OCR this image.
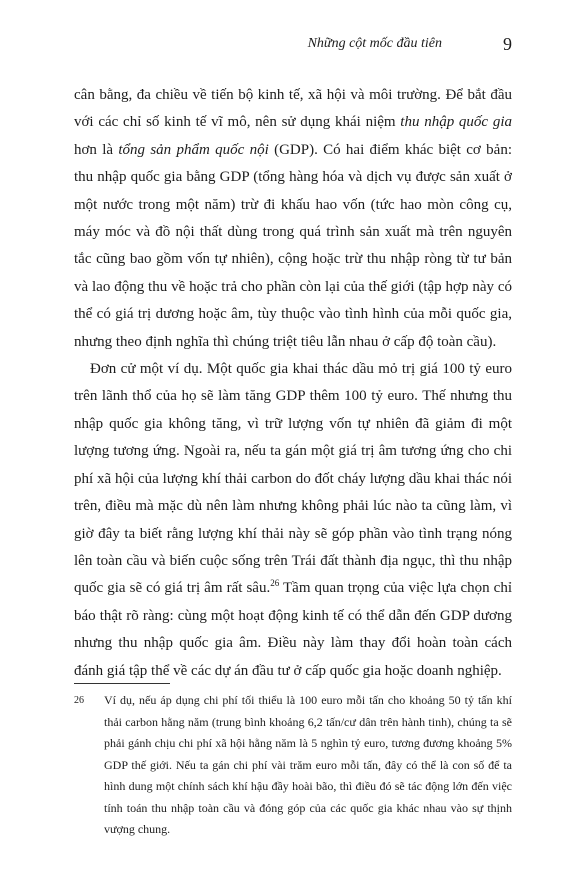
Những cột mốc đầu tiên	9

cân bằng, đa chiều về tiến bộ kinh tế, xã hội và môi trường. Để bắt đầu với các chỉ số kinh tế vĩ mô, nên sử dụng khái niệm thu nhập quốc gia hơn là tổng sản phẩm quốc nội (GDP). Có hai điểm khác biệt cơ bản: thu nhập quốc gia bằng GDP (tổng hàng hóa và dịch vụ được sản xuất ở một nước trong một năm) trừ đi khấu hao vốn (tức hao mòn công cụ, máy móc và đồ nội thất dùng trong quá trình sản xuất mà trên nguyên tắc cũng bao gồm vốn tự nhiên), cộng hoặc trừ thu nhập ròng từ tư bản và lao động thu về hoặc trả cho phần còn lại của thế giới (tập hợp này có thể có giá trị dương hoặc âm, tùy thuộc vào tình hình của mỗi quốc gia, nhưng theo định nghĩa thì chúng triệt tiêu lẫn nhau ở cấp độ toàn cầu).

Đơn cử một ví dụ. Một quốc gia khai thác dầu mỏ trị giá 100 tỷ euro trên lãnh thổ của họ sẽ làm tăng GDP thêm 100 tỷ euro. Thế nhưng thu nhập quốc gia không tăng, vì trữ lượng vốn tự nhiên đã giảm đi một lượng tương ứng. Ngoài ra, nếu ta gán một giá trị âm tương ứng cho chi phí xã hội của lượng khí thải carbon do đốt cháy lượng dầu khai thác nói trên, điều mà mặc dù nên làm nhưng không phải lúc nào ta cũng làm, vì giờ đây ta biết rằng lượng khí thải này sẽ góp phần vào tình trạng nóng lên toàn cầu và biến cuộc sống trên Trái đất thành địa ngục, thì thu nhập quốc gia sẽ có giá trị âm rất sâu.$^{26}$ Tầm quan trọng của việc lựa chọn chỉ báo thật rõ ràng: cùng một hoạt động kinh tế có thể dẫn đến GDP dương nhưng thu nhập quốc gia âm. Điều này làm thay đổi hoàn toàn cách đánh giá tập thể về các dự án đầu tư ở cấp quốc gia hoặc doanh nghiệp.

26 Ví dụ, nếu áp dụng chi phí tối thiểu là 100 euro mỗi tấn cho khoảng 50 tỷ tấn khí thải carbon hằng năm (trung bình khoảng 6,2 tấn/cư dân trên hành tinh), chúng ta sẽ phải gánh chịu chi phí xã hội hằng năm là 5 nghìn tỷ euro, tương đương khoảng 5% GDP thế giới. Nếu ta gán chi phí vài trăm euro mỗi tấn, đây có thể là con số để ta hình dung một chính sách khí hậu đầy hoài bão, thì điều đó sẽ tác động lớn đến việc tính toán thu nhập toàn cầu và đóng góp của các quốc gia khác nhau vào sự thịnh vượng chung.
